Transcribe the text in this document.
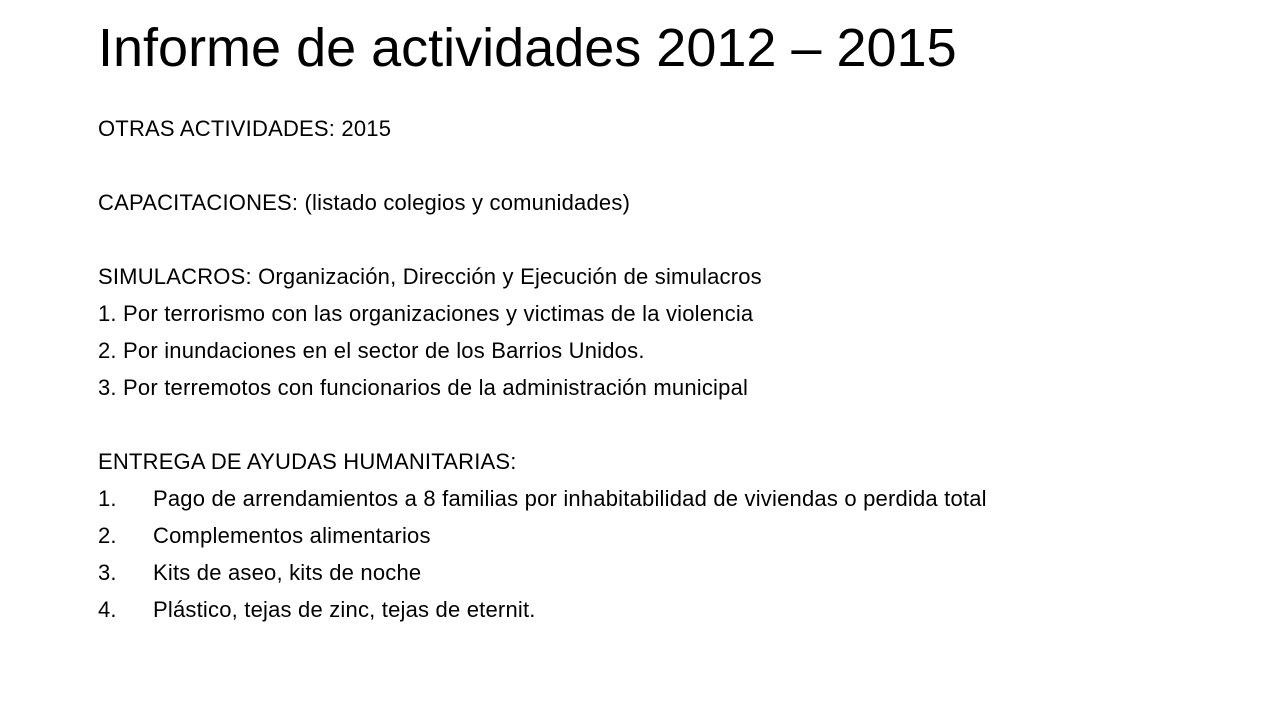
Informe de actividades 2012 – 2015
OTRAS ACTIVIDADES: 2015
CAPACITACIONES: (listado colegios y comunidades)
SIMULACROS: Organización, Dirección y Ejecución de simulacros
1. Por terrorismo con las organizaciones y victimas de la violencia
2. Por inundaciones en el sector de los Barrios Unidos.
3. Por terremotos con funcionarios de la administración municipal
ENTREGA DE AYUDAS HUMANITARIAS:
1. Pago de arrendamientos a 8 familias por inhabitabilidad de viviendas o perdida total
2. Complementos alimentarios
3. Kits de aseo, kits de noche
4. Plástico, tejas de zinc, tejas de eternit.
